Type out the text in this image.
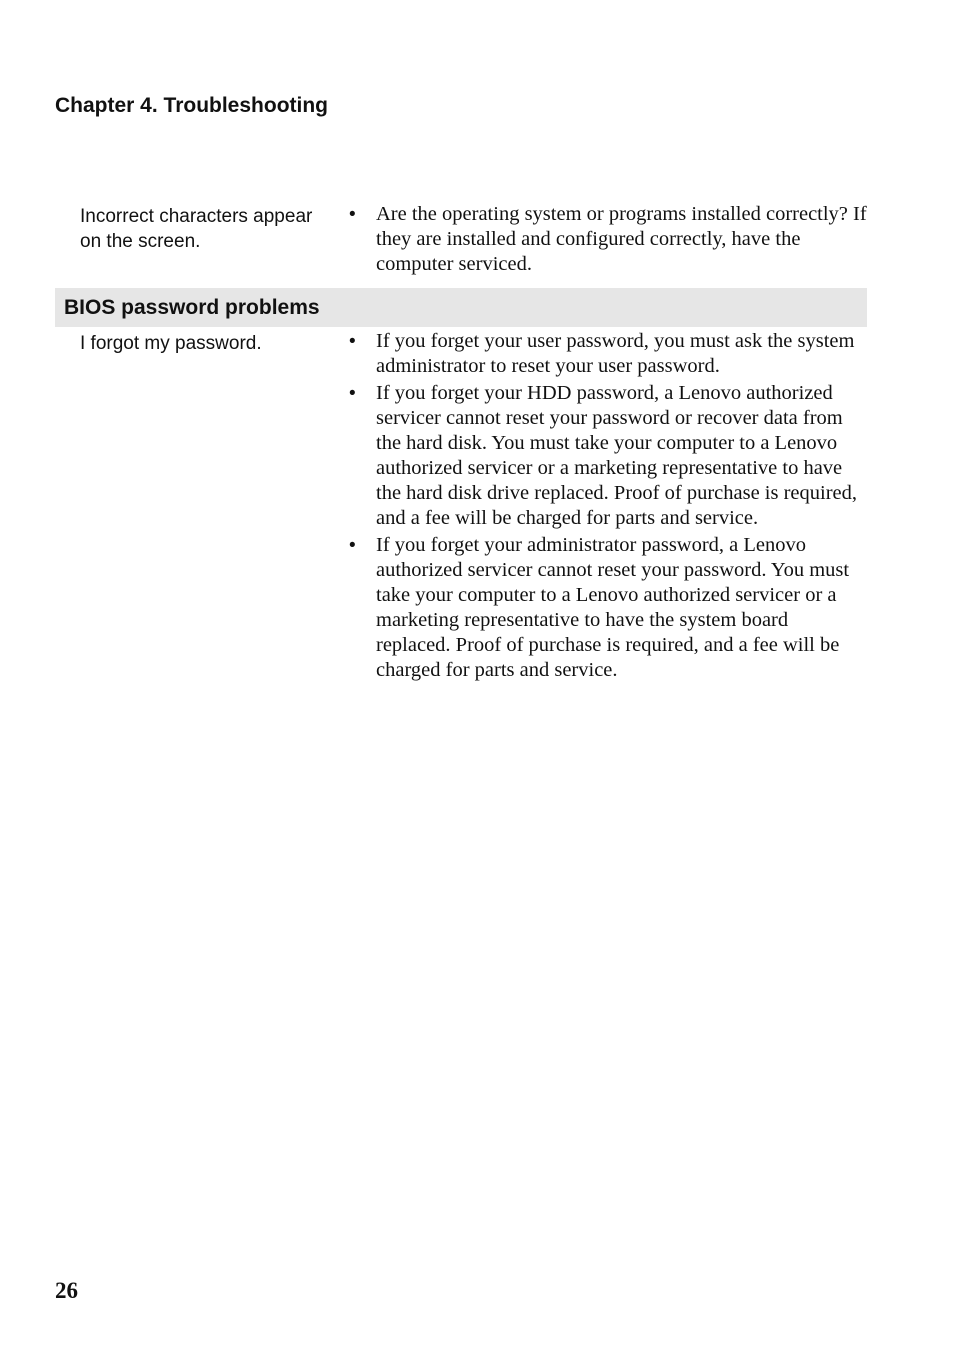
Chapter 4. Troubleshooting
Incorrect characters appear on the screen.
• Are the operating system or programs installed correctly? If they are installed and configured correctly, have the computer serviced.
BIOS password problems
I forgot my password.
•	If you forget your user password, you must ask the system administrator to reset your user password.
• If you forget your HDD password, a Lenovo authorized servicer cannot reset your password or recover data from the hard disk. You must take your computer to a Lenovo authorized servicer or a marketing representative to have the hard disk drive replaced. Proof of purchase is required, and a fee will be charged for parts and service.
• If you forget your administrator password, a Lenovo authorized servicer cannot reset your password. You must take your computer to a Lenovo authorized servicer or a marketing representative to have the system board replaced. Proof of purchase is required, and a fee will be charged for parts and service.
26
